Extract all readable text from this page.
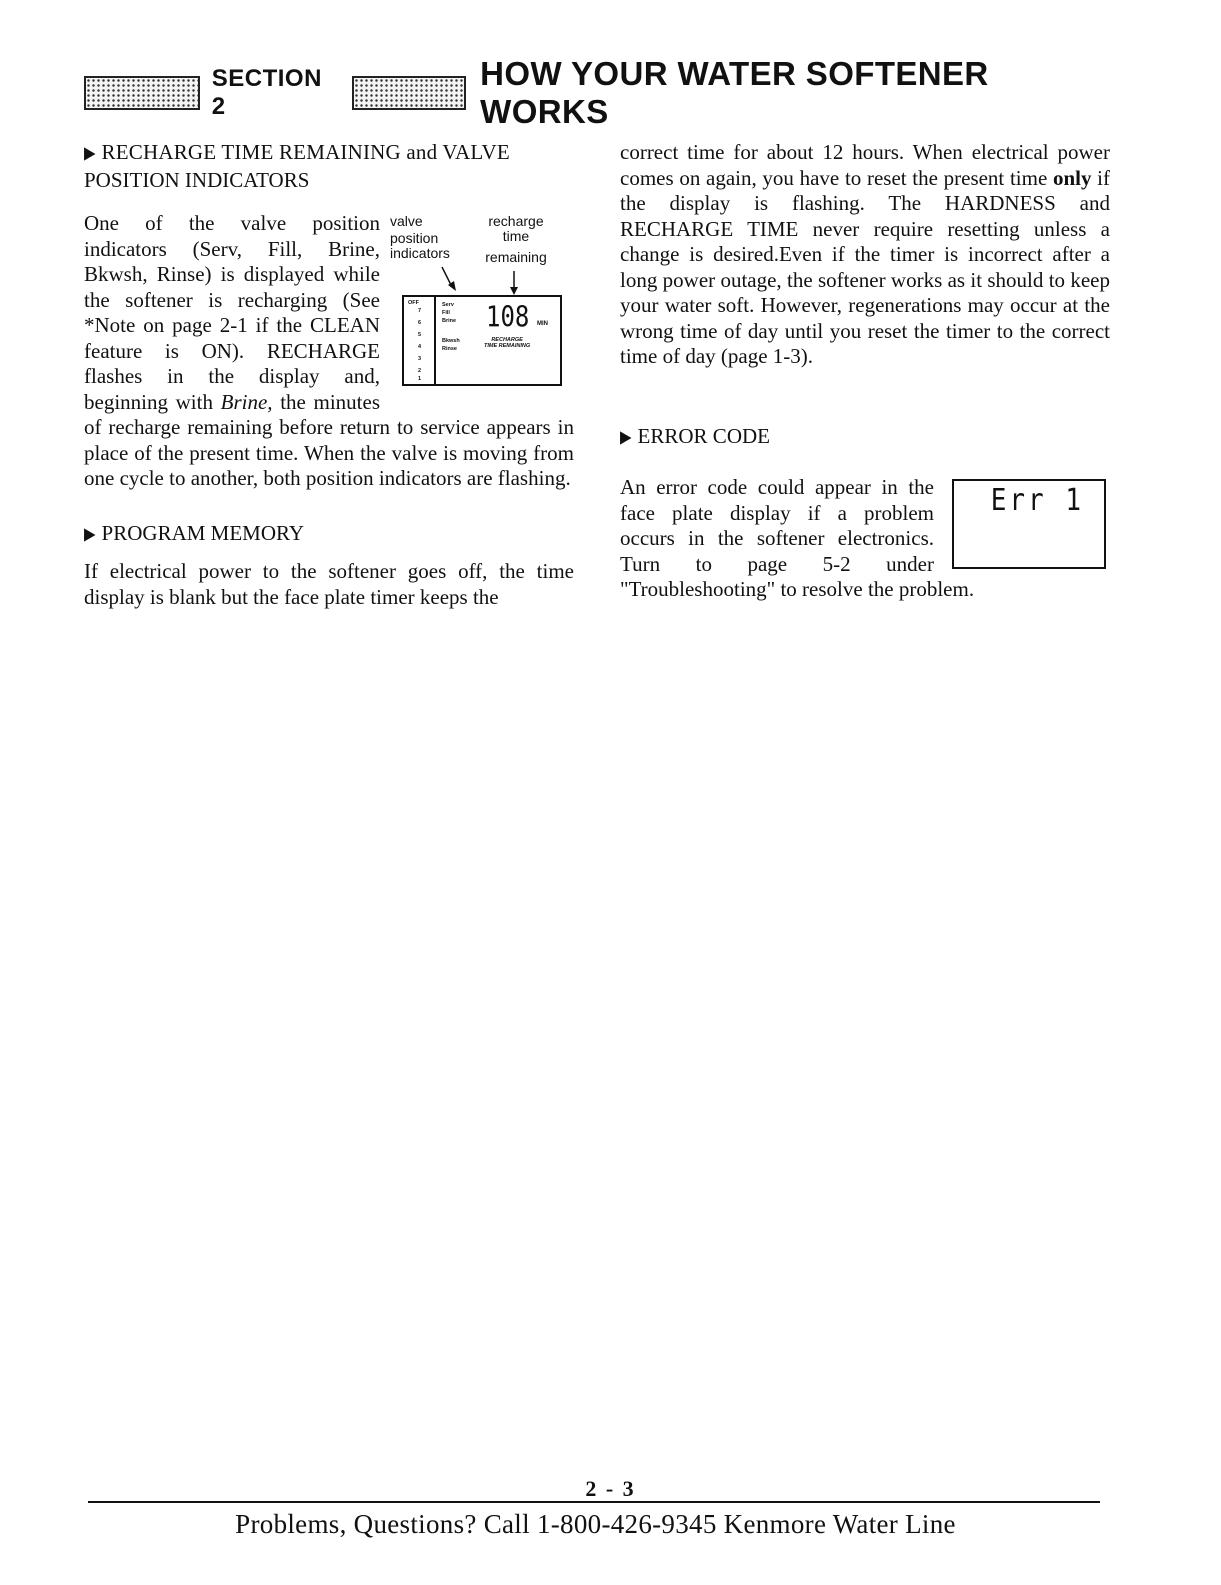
SECTION 2
HOW YOUR WATER SOFTENER WORKS
▶ RECHARGE TIME REMAINING and VALVE
POSITION INDICATORS
valve
position
indicators
recharge
time
remaining
OFF
7
6
5
4
3
2
1
Serv
Fill
Brine
Bkwsh
Rinse
108 MIN
RECHARGE
TIME REMAINING

One of the valve position indicators (Serv, Fill, Brine, Bkwsh, Rinse) is displayed while the softener is recharging (See *Note on page 2-1 if the CLEAN feature is ON). RECHARGE flashes in the display and, beginning with Brine, the minutes of recharge remaining before return to service appears in place of the present time. When the valve is moving from one cycle to another, both position indicators are flashing.

▶ PROGRAM MEMORY

If electrical power to the softener goes off, the time display is blank but the face plate timer keeps the

correct time for about 12 hours. When electrical power comes on again, you have to reset the present time only if the display is flashing. The HARDNESS and RECHARGE TIME never require resetting unless a change is desired.Even if the timer is incorrect after a long power outage, the softener works as it should to keep your water soft. However, regenerations may occur at the wrong time of day until you reset the timer to the correct time of day (page 1-3).

▶ ERROR CODE
Err 1

An error code could appear in the face plate display if a problem occurs in the softener electronics. Turn to page 5-2 under "Troubleshooting" to resolve the problem.

2 - 3
Problems, Questions? Call 1-800-426-9345 Kenmore Water Line
